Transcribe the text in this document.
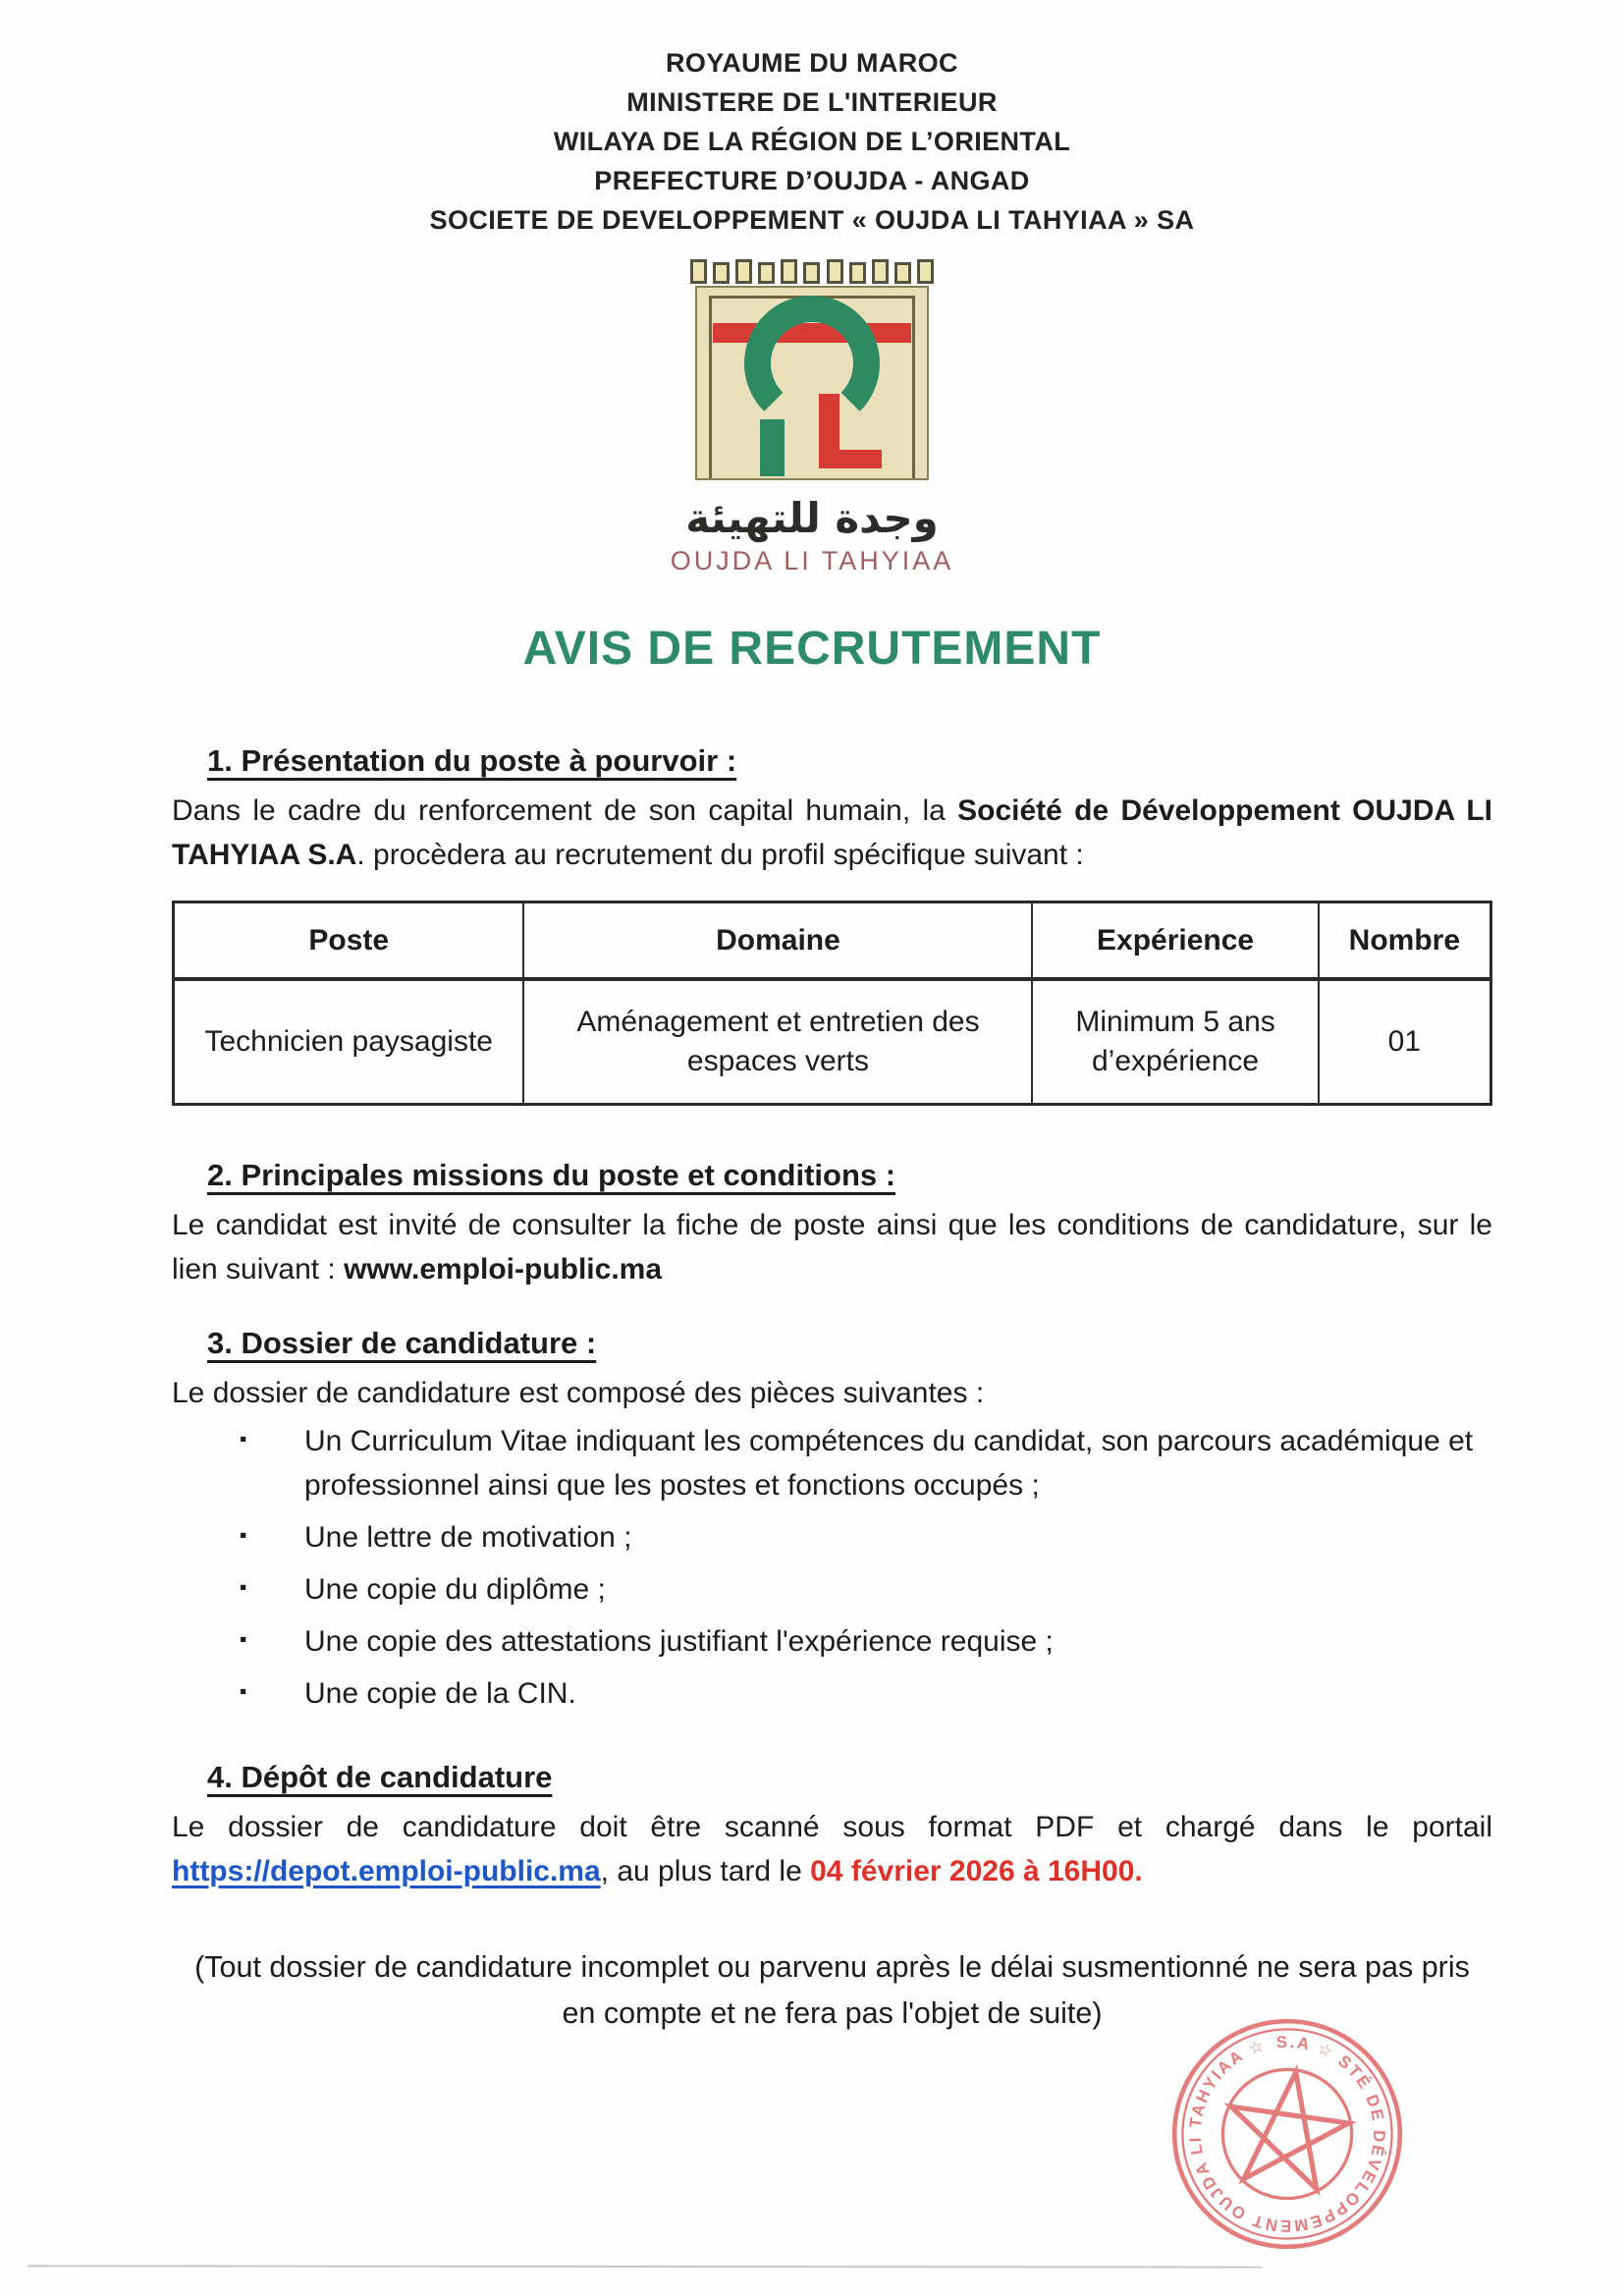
ROYAUME DU MAROC
MINISTERE DE L'INTERIEUR
WILAYA DE LA RÉGION DE L’ORIENTAL
PREFECTURE D’OUJDA - ANGAD
SOCIETE DE DEVELOPPEMENT « OUJDA LI TAHYIAA » SA
وجدة للتهيئة
OUJDA LI TAHYIAA
AVIS DE RECRUTEMENT
1. Présentation du poste à pourvoir :

Dans le cadre du renforcement de son capital humain, la Société de Développement OUJDA LI TAHYIAA S.A. procèdera au recrutement du profil spécifique suivant :

Poste	Domaine	Expérience	Nombre
Technicien paysagiste	Aménagement et entretien des espaces verts	Minimum 5 ans d’expérience	01
2. Principales missions du poste et conditions :

Le candidat est invité de consulter la fiche de poste ainsi que les conditions de candidature, sur le lien suivant : www.emploi-public.ma

3. Dossier de candidature :

Le dossier de candidature est composé des pièces suivantes :

▪ Un Curriculum Vitae indiquant les compétences du candidat, son parcours académique et professionnel ainsi que les postes et fonctions occupés ;
▪ Une lettre de motivation ;
▪ Une copie du diplôme ;
▪ Une copie des attestations justifiant l'expérience requise ;
▪ Une copie de la CIN.
4. Dépôt de candidature

Le dossier de candidature doit être scanné sous format PDF et chargé dans le portail https://depot.emploi-public.ma, au plus tard le 04 février 2026 à 16H00.

(Tout dossier de candidature incomplet ou parvenu après le délai susmentionné ne sera pas pris en compte et ne fera pas l'objet de suite)

S.A ☆ STÉ DE DÉVELOPPEMENT OUJDA LI TAHYIAA ☆
